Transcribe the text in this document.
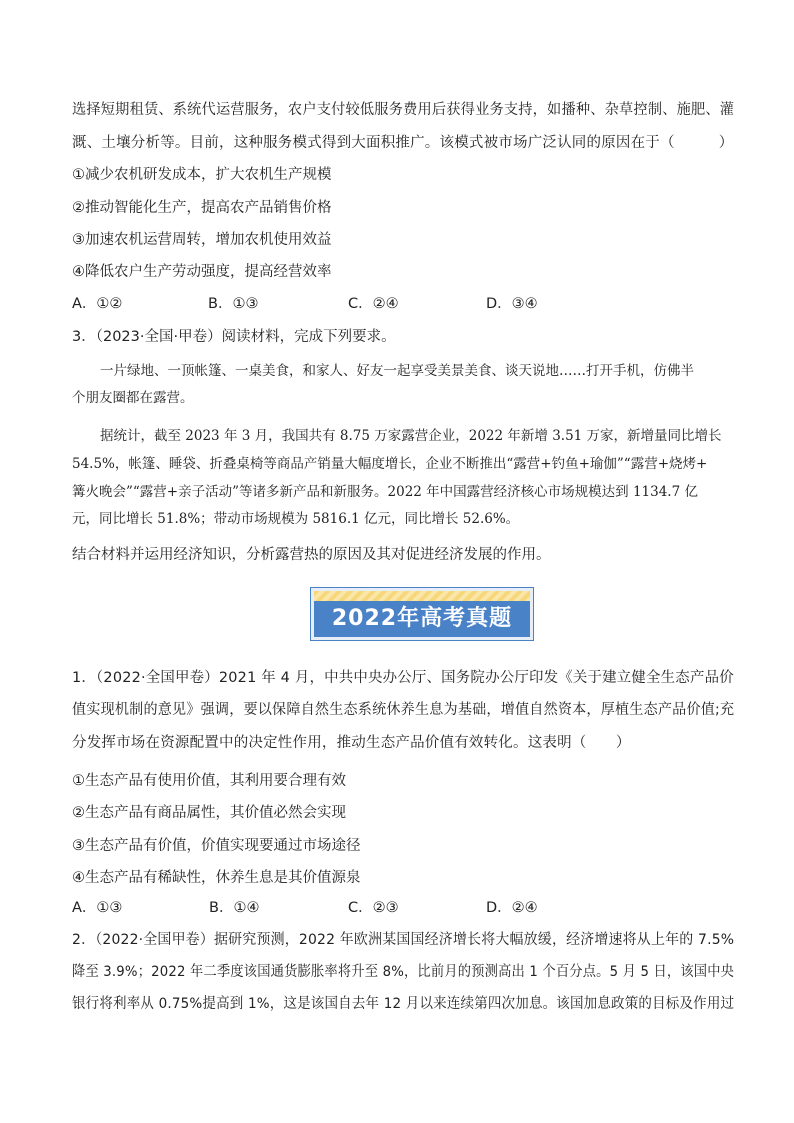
选择短期租赁、系统代运营服务，农户支付较低服务费用后获得业务支持，如播种、杂草控制、施肥、灌
溉、土壤分析等。目前，这种服务模式得到大面积推广。该模式被市场广泛认同的原因在于（　　　）
①减少农机研发成本，扩大农机生产规模
②推动智能化生产，提高农产品销售价格
③加速农机运营周转，增加农机使用效益
④降低农户生产劳动强度，提高经营效率
A．①②	B．①③	C．②④	D．③④
3．（2023·全国·甲卷）阅读材料，完成下列要求。
一片绿地、一顶帐篷、一桌美食，和家人、好友一起享受美景美食、谈天说地……打开手机，仿佛半
个朋友圈都在露营。
据统计，截至 2023 年 3 月，我国共有 8.75 万家露营企业，2022 年新增 3.51 万家，新增量同比增长
54.5%，帐篷、睡袋、折叠桌椅等商品产销量大幅度增长，企业不断推出“露营+钓鱼+瑜伽”“露营+烧烤+
篝火晚会”“露营+亲子活动”等诸多新产品和新服务。2022 年中国露营经济核心市场规模达到 1134.7 亿
元，同比增长 51.8%；带动市场规模为 5816.1 亿元，同比增长 52.6%。
结合材料并运用经济知识，分析露营热的原因及其对促进经济发展的作用。
2022年高考真题
1．（2022·全国甲卷）2021 年 4 月，中共中央办公厅、国务院办公厅印发《关于建立健全生态产品价
值实现机制的意见》强调，要以保障自然生态系统休养生息为基础，增值自然资本，厚植生态产品价值;充
分发挥市场在资源配置中的决定性作用，推动生态产品价值有效转化。这表明（　　）
①生态产品有使用价值，其利用要合理有效
②生态产品有商品属性，其价值必然会实现
③生态产品有价值，价值实现要通过市场途径
④生态产品有稀缺性，休养生息是其价值源泉
A．①③	B．①④	C．②③	D．②④
2．（2022·全国甲卷）据研究预测，2022 年欧洲某国国经济增长将大幅放缓，经济增速将从上年的 7.5%
降至 3.9%；2022 年二季度该国通货膨胀率将升至 8%，比前月的预测高出 1 个百分点。5 月 5 日，该国中央
银行将利率从 0.75%提高到 1%，这是该国自去年 12 月以来连续第四次加息。该国加息政策的目标及作用过
